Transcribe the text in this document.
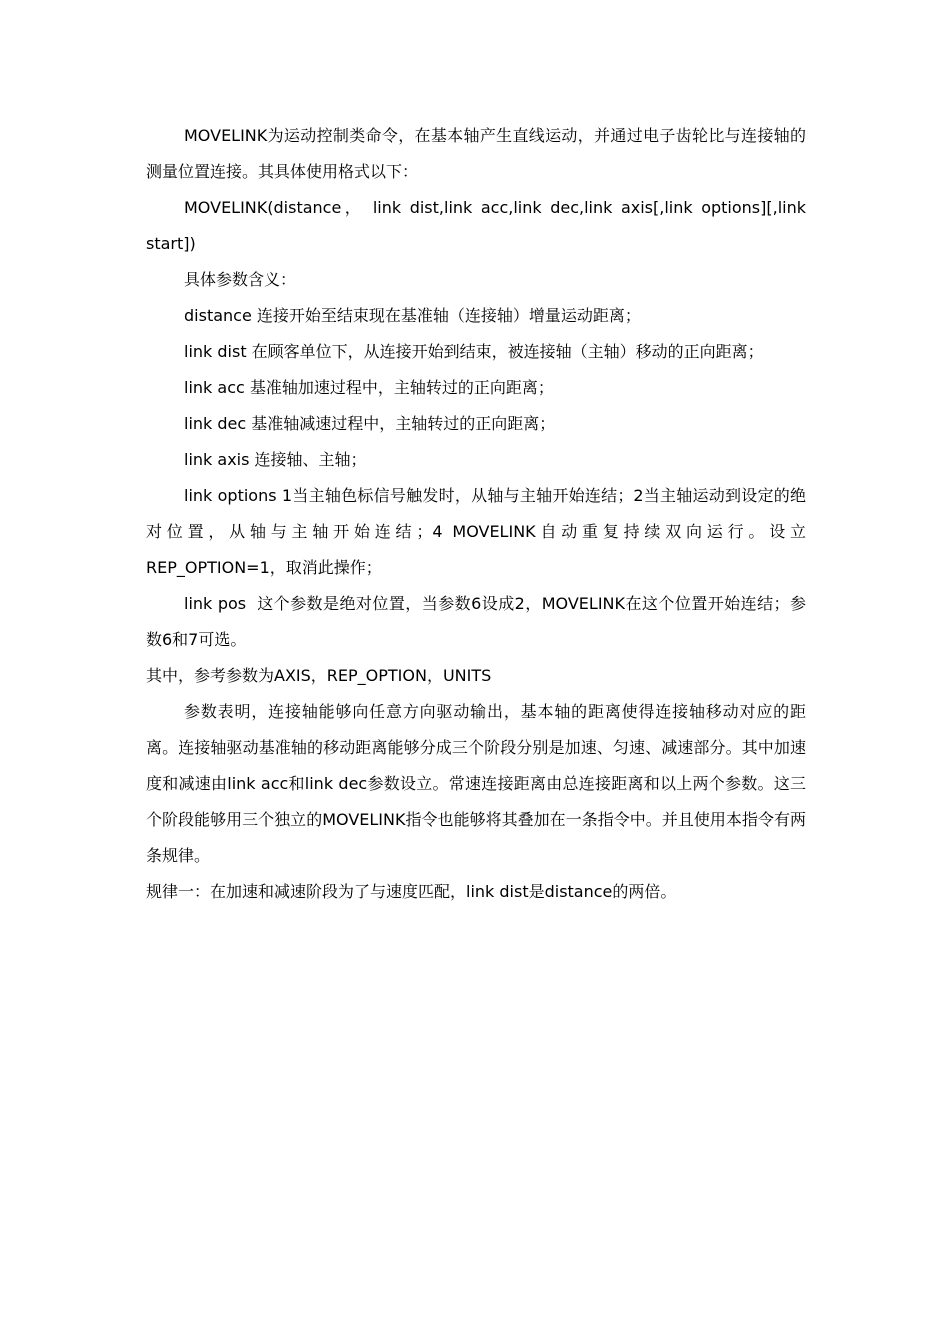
MOVELINK为运动控制类命令，在基本轴产生直线运动，并通过电子齿轮比与连接轴的测量位置连接。其具体使用格式以下：

MOVELINK(distance， link dist,link acc,link dec,link axis[,link options][,link start])

具体参数含义：

distance 连接开始至结束现在基准轴（连接轴）增量运动距离；

link dist 在顾客单位下，从连接开始到结束，被连接轴（主轴）移动的正向距离；

link acc 基准轴加速过程中，主轴转过的正向距离；

link dec 基准轴减速过程中，主轴转过的正向距离；

link axis 连接轴、主轴；

link options 1当主轴色标信号触发时，从轴与主轴开始连结；2当主轴运动到设定的绝对位置，从轴与主轴开始连结；4 MOVELINK自动重复持续双向运行。设立REP_OPTION=1，取消此操作；

link pos  这个参数是绝对位置，当参数6设成2，MOVELINK在这个位置开始连结；参数6和7可选。

其中，参考参数为AXIS，REP_OPTION，UNITS

参数表明，连接轴能够向任意方向驱动输出，基本轴的距离使得连接轴移动对应的距离。连接轴驱动基准轴的移动距离能够分成三个阶段分别是加速、匀速、减速部分。其中加速度和减速由link acc和link dec参数设立。常速连接距离由总连接距离和以上两个参数。这三个阶段能够用三个独立的MOVELINK指令也能够将其叠加在一条指令中。并且使用本指令有两条规律。

规律一：在加速和减速阶段为了与速度匹配，link dist是distance的两倍。
